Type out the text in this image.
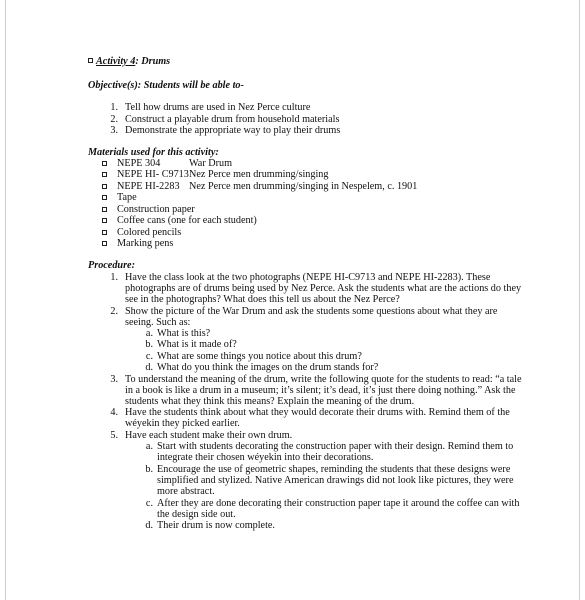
Activity 4: Drums
Objective(s): Students will be able to-
1. Tell how drums are used in Nez Perce culture
2. Construct a playable drum from household materials
3. Demonstrate the appropriate way to play their drums
Materials used for this activity:
NEPE 304	War Drum
NEPE HI- C9713 Nez Perce men drumming/singing
NEPE HI-2283 Nez Perce men drumming/singing in Nespelem, c. 1901
Tape
Construction paper
Coffee cans (one for each student)
Colored pencils
Marking pens
Procedure:
1. Have the class look at the two photographs (NEPE HI-C9713 and NEPE HI-2283). These
photographs are of drums being used by Nez Perce. Ask the students what are the actions do they
see in the photographs? What does this tell us about the Nez Perce?
2. Show the picture of the War Drum and ask the students some questions about what they are
seeing. Such as:
a. What is this?
b. What is it made of?
c. What are some things you notice about this drum?
d. What do you think the images on the drum stands for?
3. To understand the meaning of the drum, write the following quote for the students to read: “a tale
in a book is like a drum in a museum; it’s silent; it’s dead, it’s just there doing nothing.” Ask the
students what they think this means? Explain the meaning of the drum.
4. Have the students think about what they would decorate their drums with. Remind them of the
wéyekin they picked earlier.
5. Have each student make their own drum.
a. Start with students decorating the construction paper with their design. Remind them to
integrate their chosen wéyekin into their decorations.
b. Encourage the use of geometric shapes, reminding the students that these designs were
simplified and stylized. Native American drawings did not look like pictures, they were
more abstract.
c. After they are done decorating their construction paper tape it around the coffee can with
the design side out.
d. Their drum is now complete.
